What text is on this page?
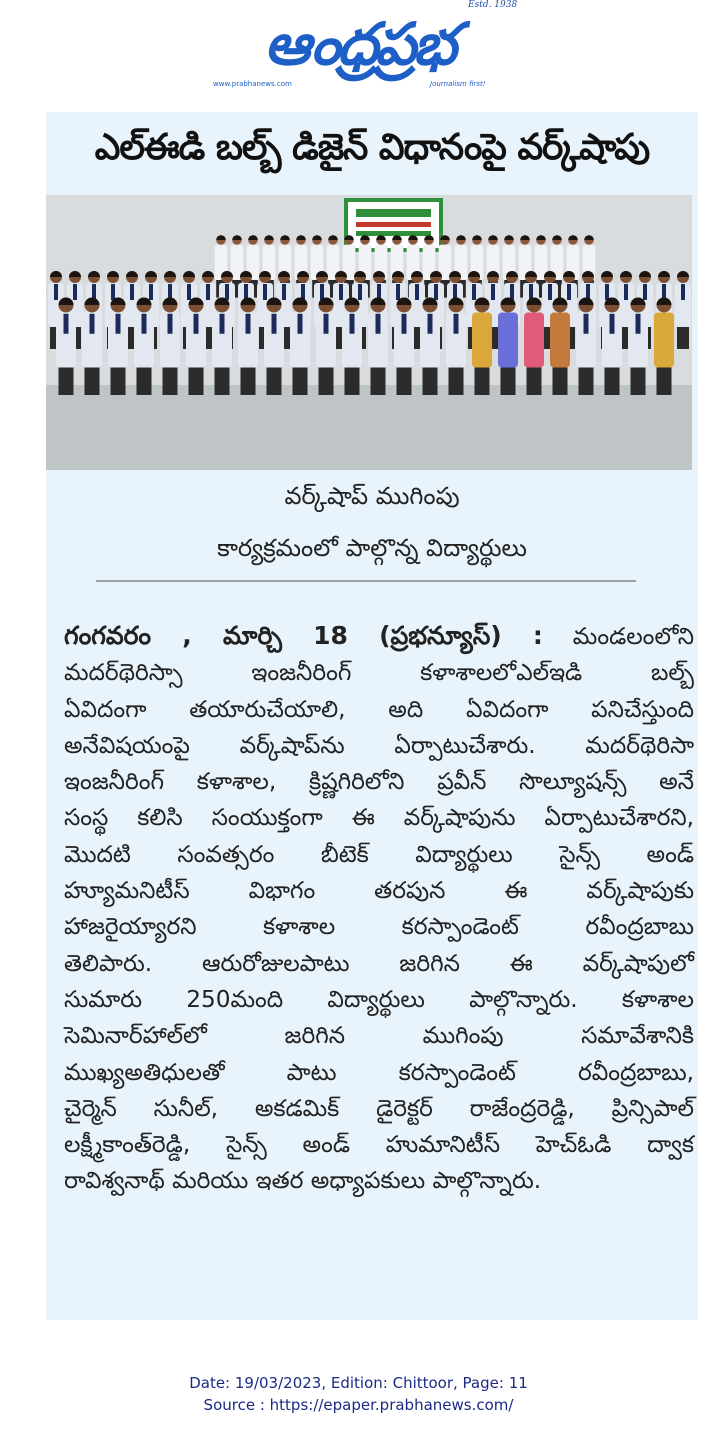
Estd. 1938
ఆంధ్రప్రభ
www.prabhanews.com	Journalism first!
ఎల్ఈడి బల్బ్ డిజైన్ విధానంపై వర్క్‌షాపు
వర్క్‌షాప్ ముగింపు
కార్యక్రమంలో పాల్గొన్న విద్యార్థులు
గంగవరం , మార్చి 18 (ప్రభన్యూస్) : మండలంలోని
మదర్‌థెరిస్సా ఇంజనీరింగ్ కళాశాలలోఎల్ఇడి బల్బ్
ఏవిదంగా తయారుచేయాలి, అది ఏవిదంగా పనిచేస్తుంది
అనేవిషయంపై వర్క్‌షాప్‌ను ఏర్పాటుచేశారు. మదర్‌థెరిసా
ఇంజనీరింగ్ కళాశాల, క్రిష్ణగిరిలోని ప్రవీన్ సొల్యూషన్స్ అనే
సంస్థ కలిసి సంయుక్తంగా ఈ వర్క్‌షాపును ఏర్పాటుచేశారని,
మొదటి సంవత్సరం బీటెక్ విద్యార్థులు సైన్స్ అండ్
హ్యూమనిటీస్ విభాగం తరపున ఈ వర్క్‌షాపుకు
హాజరైయ్యారని కళాశాల కరస్పాండెంట్ రవీంద్రబాబు
తెలిపారు. ఆరురోజులపాటు జరిగిన ఈ వర్క్‌షాపులో
సుమారు 250మంది విద్యార్థులు పాల్గొన్నారు. కళాశాల
సెమినార్‌హాల్‌లో జరిగిన ముగింపు సమావేశానికి
ముఖ్యఅతిధులతో పాటు కరస్పాండెంట్ రవీంద్రబాబు,
చైర్మెన్ సునీల్, అకడమిక్ డైరెక్టర్ రాజేంద్రరెడ్డి, ప్రిన్సిపాల్
లక్ష్మీకాంత్‌రెడ్డి, సైన్స్ అండ్ హుమానిటీస్ హెచ్ఓడి ద్వాక
రావిశ్వనాథ్ మరియు ఇతర అధ్యాపకులు పాల్గొన్నారు.
Date: 19/03/2023, Edition: Chittoor, Page: 11
Source : https://epaper.prabhanews.com/
